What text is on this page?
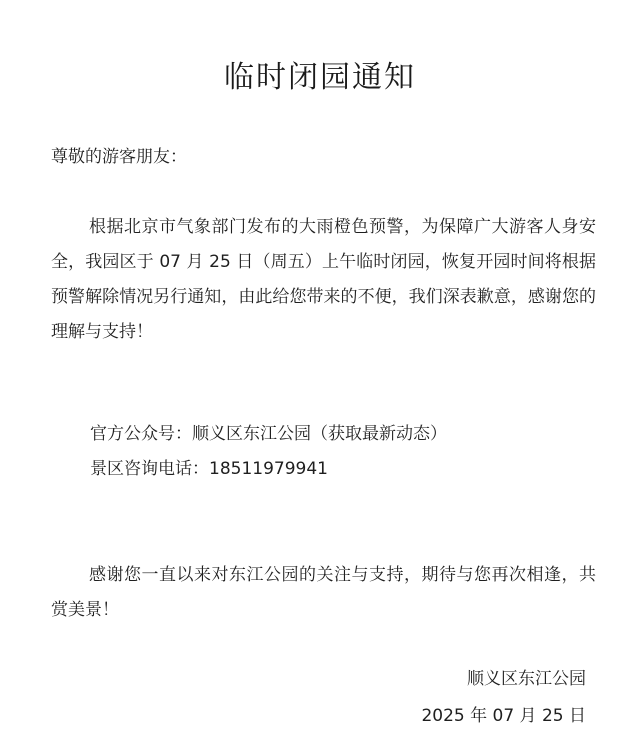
临时闭园通知
尊敬的游客朋友：
根据北京市气象部门发布的大雨橙色预警，为保障广大游客人身安全，我园区于 07 月 25 日（周五）上午临时闭园，恢复开园时间将根据预警解除情况另行通知，由此给您带来的不便，我们深表歉意，感谢您的理解与支持！
官方公众号：顺义区东江公园（获取最新动态）
景区咨询电话：18511979941
感谢您一直以来对东江公园的关注与支持，期待与您再次相逢，共赏美景！
顺义区东江公园
2025 年 07 月 25 日
